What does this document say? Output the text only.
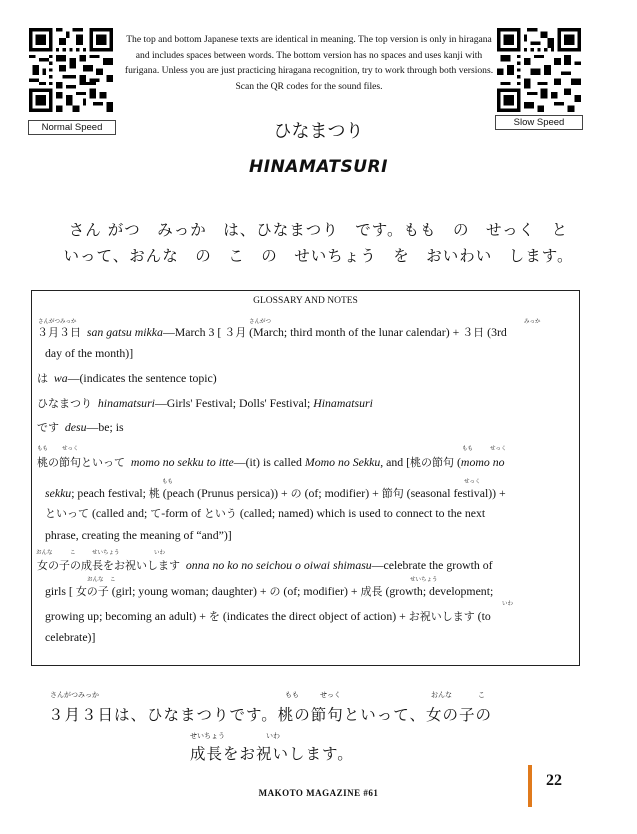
Normal Speed	Slow Speed
The top and bottom Japanese texts are identical in meaning. The top version is only in hiragana and includes spaces between words. The bottom version has no spaces and uses kanji with furigana. Unless you are just practicing hiragana recognition, try to work through both versions. Scan the QR codes for the sound files.
ひなまつり
HINAMATSURI
さん がつ　みっか　は、ひなまつり　です。もも　の　せっく　と
いって、おんな　の　こ　の　せいちょう　を　おいわい　します。
GLOSSARY AND NOTES
さんがつみっか	さんがつ	みっか
３月３日 san gatsu mikka—March 3 [ ３月 (March; third month of the lunar calendar) + ３日 (3rd
day of the month)]
は wa—(indicates the sentence topic)
ひなまつり hinamatsuri—Girls' Festival; Dolls' Festival; Hinamatsuri
です desu—be; is
もも	せっく	もも	せっく
桃の節句といって momo no sekku to itte—(it) is called Momo no Sekku, and [桃の節句 (momo no
もも	せっく
sekku; peach festival; 桃 (peach (Prunus persica)) + の (of; modifier) + 節句 (seasonal festival)) +
といって (called and; て-form of という (called; named) which is used to connect to the next
phrase, creating the meaning of “and”)]
おんな	こ	せいちょう	いわ
女の子の成長をお祝いします onna no ko no seichou o oiwai shimasu—celebrate the growth of
おんな こ	せいちょう
girls [ 女の子 (girl; young woman; daughter) + の (of; modifier) + 成長 (growth; development;
いわ
growing up; becoming an adult) + を (indicates the direct object of action) + お祝いします (to
celebrate)]
さんがつみっか	もも	せっく	おんな	こ
３月３日は、ひなまつりです。桃の節句といって、女の子の
せいちょう	いわ
成長をお祝いします。
MAKOTO MAGAZINE #61
22
